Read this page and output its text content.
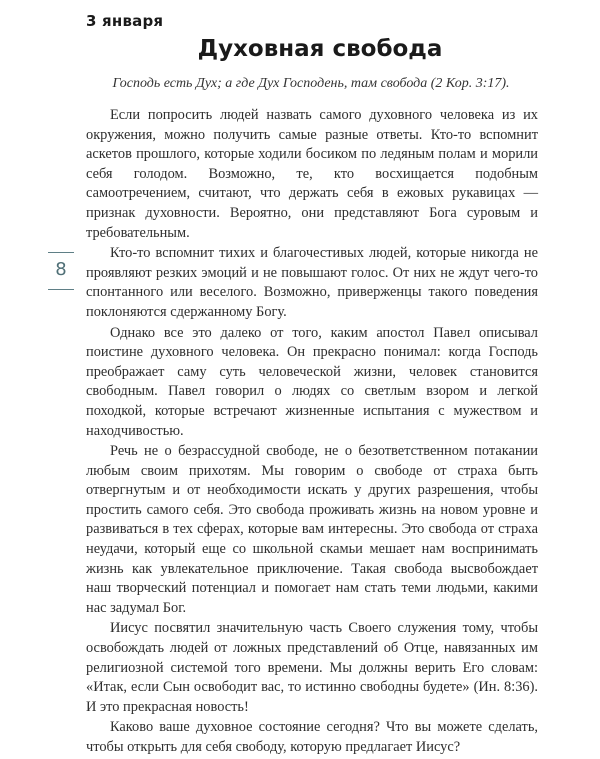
3 января
Духовная свобода
Господь есть Дух; а где Дух Господень, там свобода (2 Кор. 3:17).
8

Если попросить людей назвать самого духовного человека из их окружения, можно получить самые разные ответы. Кто-то вспомнит аскетов прошлого, которые ходили босиком по ледяным полам и морили себя голодом. Возможно, те, кто восхищается подобным самоотречением, считают, что держать себя в ежовых рукавицах — признак духовности. Вероятно, они представляют Бога суровым и требовательным.

Кто-то вспомнит тихих и благочестивых людей, которые никогда не проявляют резких эмоций и не повышают голос. От них не ждут чего-то спонтанного или веселого. Возможно, приверженцы такого поведения поклоняются сдержанному Богу.

Однако все это далеко от того, каким апостол Павел описывал поистине духовного человека. Он прекрасно понимал: когда Господь преображает саму суть человеческой жизни, человек становится свободным. Павел говорил о людях со светлым взором и легкой походкой, которые встречают жизненные испытания с мужеством и находчивостью.

Речь не о безрассудной свободе, не о безответственном потакании любым своим прихотям. Мы говорим о свободе от страха быть отвергнутым и от необходимости искать у других разрешения, чтобы простить самого себя. Это свобода проживать жизнь на новом уровне и развиваться в тех сферах, которые вам интересны. Это свобода от страха неудачи, который еще со школьной скамьи мешает нам воспринимать жизнь как увлекательное приключение. Такая свобода высвобождает наш творческий потенциал и помогает нам стать теми людьми, какими нас задумал Бог.

Иисус посвятил значительную часть Своего служения тому, чтобы освобождать людей от ложных представлений об Отце, навязанных им религиозной системой того времени. Мы должны верить Его словам: «Итак, если Сын освободит вас, то истинно свободны будете» (Ин. 8:36). И это прекрасная новость!

Каково ваше духовное состояние сегодня? Что вы можете сделать, чтобы открыть для себя свободу, которую предлагает Иисус?
